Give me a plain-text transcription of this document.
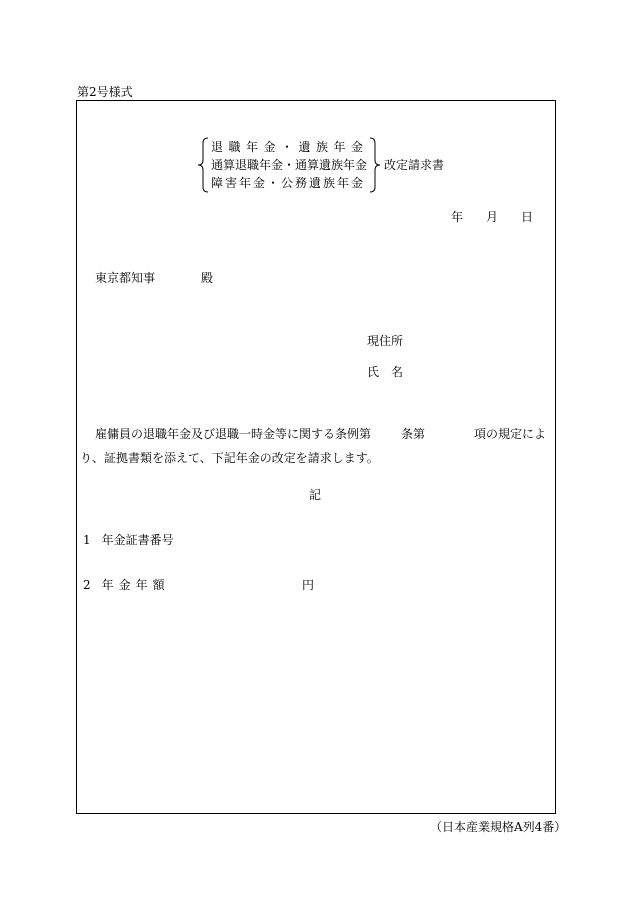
第2号様式
退職年金・遺族年金
通算退職年金・通算遺族年金
障害年金・公務遺族年金
改定請求書
年 月 日
東京都知事	殿
現住所
氏　名
雇傭員の退職年金及び退職一時金等に関する条例第 条第	項の規定によ
り、証拠書類を添えて、下記年金の改定を請求します。
記
1 年金証書番号
2 年金年額	円
（日本産業規格A列4番）
